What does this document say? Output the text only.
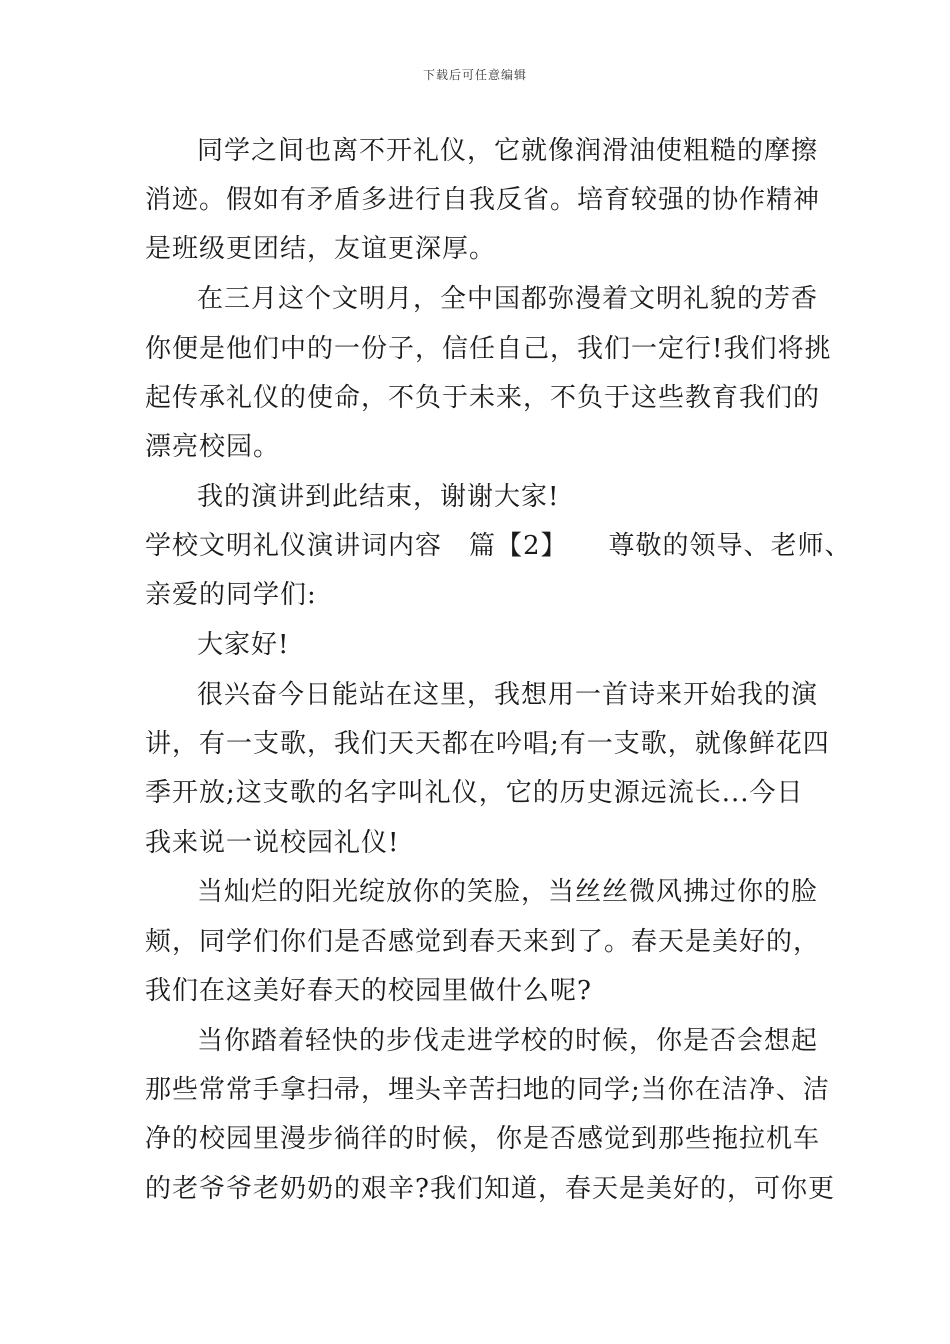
下载后可任意编辑
同学之间也离不开礼仪，它就像润滑油使粗糙的摩擦
消迹。假如有矛盾多进行自我反省。培育较强的协作精神
是班级更团结，友谊更深厚。
在三月这个文明月，全中国都弥漫着文明礼貌的芳香
你便是他们中的一份子，信任自己，我们一定行!我们将挑
起传承礼仪的使命，不负于未来，不负于这些教育我们的
漂亮校园。
我的演讲到此结束，谢谢大家!
学校文明礼仪演讲词内容　篇【2】　　尊敬的领导、老师、
亲爱的同学们:
大家好!
很兴奋今日能站在这里，我想用一首诗来开始我的演
讲，有一支歌，我们天天都在吟唱;有一支歌，就像鲜花四
季开放;这支歌的名字叫礼仪，它的历史源远流长...今日
我来说一说校园礼仪!
当灿烂的阳光绽放你的笑脸，当丝丝微风拂过你的脸
颊，同学们你们是否感觉到春天来到了。春天是美好的，
我们在这美好春天的校园里做什么呢?
当你踏着轻快的步伐走进学校的时候，你是否会想起
那些常常手拿扫帚，埋头辛苦扫地的同学;当你在洁净、洁
净的校园里漫步徜徉的时候，你是否感觉到那些拖拉机车
的老爷爷老奶奶的艰辛?我们知道，春天是美好的，可你更
